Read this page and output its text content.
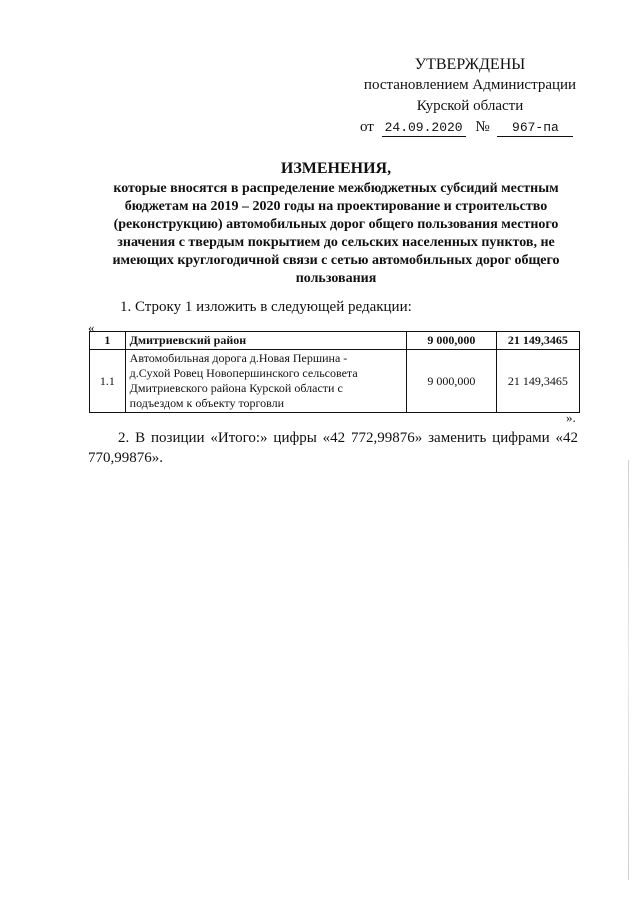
УТВЕРЖДЕНЫ
постановлением Администрации
Курской области
от 24.09.2020 № 967-па
ИЗМЕНЕНИЯ,
которые вносятся в распределение межбюджетных субсидий местным
бюджетам на 2019 – 2020 годы на проектирование и строительство
(реконструкцию) автомобильных дорог общего пользования местного
значения с твердым покрытием до сельских населенных пунктов, не
имеющих круглогодичной связи с сетью автомобильных дорог общего
пользования
1. Строку 1 изложить в следующей редакции:
«
1	Дмитриевский район	9 000,000	21 149,3465
1.1	Автомобильная дорога д.Новая Першина -
д.Сухой Ровец Новопершинского сельсовета
Дмитриевского района Курской области с
подъездом к объекту торговли	9 000,000	21 149,3465
».
2. В позиции «Итого:» цифры «42 772,99876» заменить цифрами «42 770,99876».
